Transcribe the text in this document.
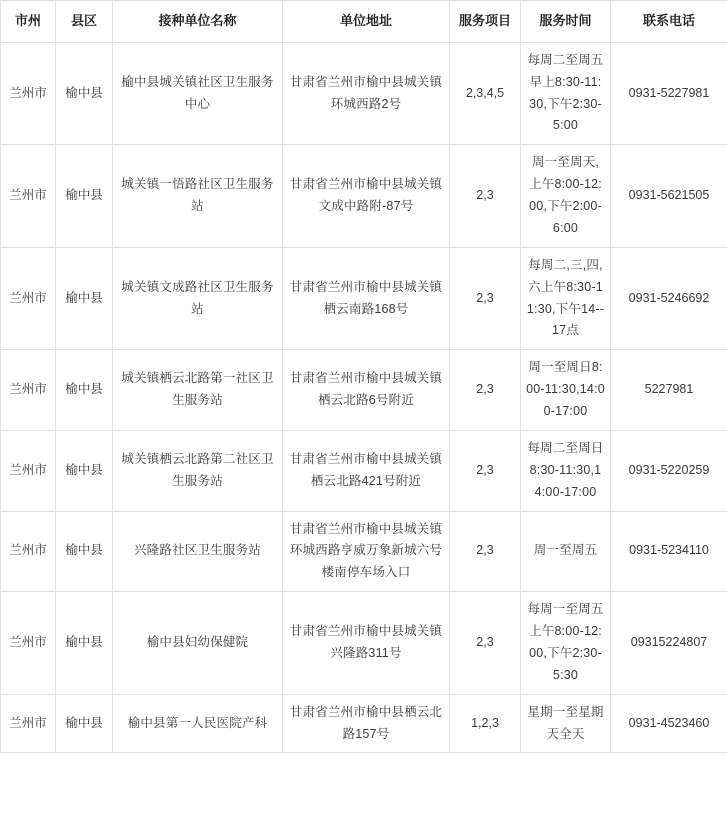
市州	县区	接种单位名称	单位地址	服务项目	服务时间	联系电话
兰州市	榆中县	榆中县城关镇社区卫生服务中心	甘肃省兰州市榆中县城关镇环城西路2号	2,3,4,5	每周二至周五早上8:30-11:30,下午2:30-5:00	0931-5227981
兰州市	榆中县	城关镇一悟路社区卫生服务站	甘肃省兰州市榆中县城关镇文成中路附-87号	2,3	周一至周天,上午8:00-12:00,下午2:00-6:00	0931-5621505
兰州市	榆中县	城关镇文成路社区卫生服务站	甘肃省兰州市榆中县城关镇栖云南路168号	2,3	每周二,三,四,六上午8:30-11:30,下午14--17点	0931-5246692
兰州市	榆中县	城关镇栖云北路第一社区卫生服务站	甘肃省兰州市榆中县城关镇栖云北路6号附近	2,3	周一至周日8:00-11:30,14:00-17:00	5227981
兰州市	榆中县	城关镇栖云北路第二社区卫生服务站	甘肃省兰州市榆中县城关镇栖云北路421号附近	2,3	每周二至周日8:30-11:30,14:00-17:00	0931-5220259
兰州市	榆中县	兴隆路社区卫生服务站	甘肃省兰州市榆中县城关镇环城西路亨威万象新城六号楼南停车场入口	2,3	周一至周五	0931-5234110
兰州市	榆中县	榆中县妇幼保健院	甘肃省兰州市榆中县城关镇兴隆路311号	2,3	每周一至周五上午8:00-12:00,下午2:30-5:30	09315224807
兰州市	榆中县	榆中县第一人民医院产科	甘肃省兰州市榆中县栖云北路157号	1,2,3	星期一至星期天全天	0931-4523460
